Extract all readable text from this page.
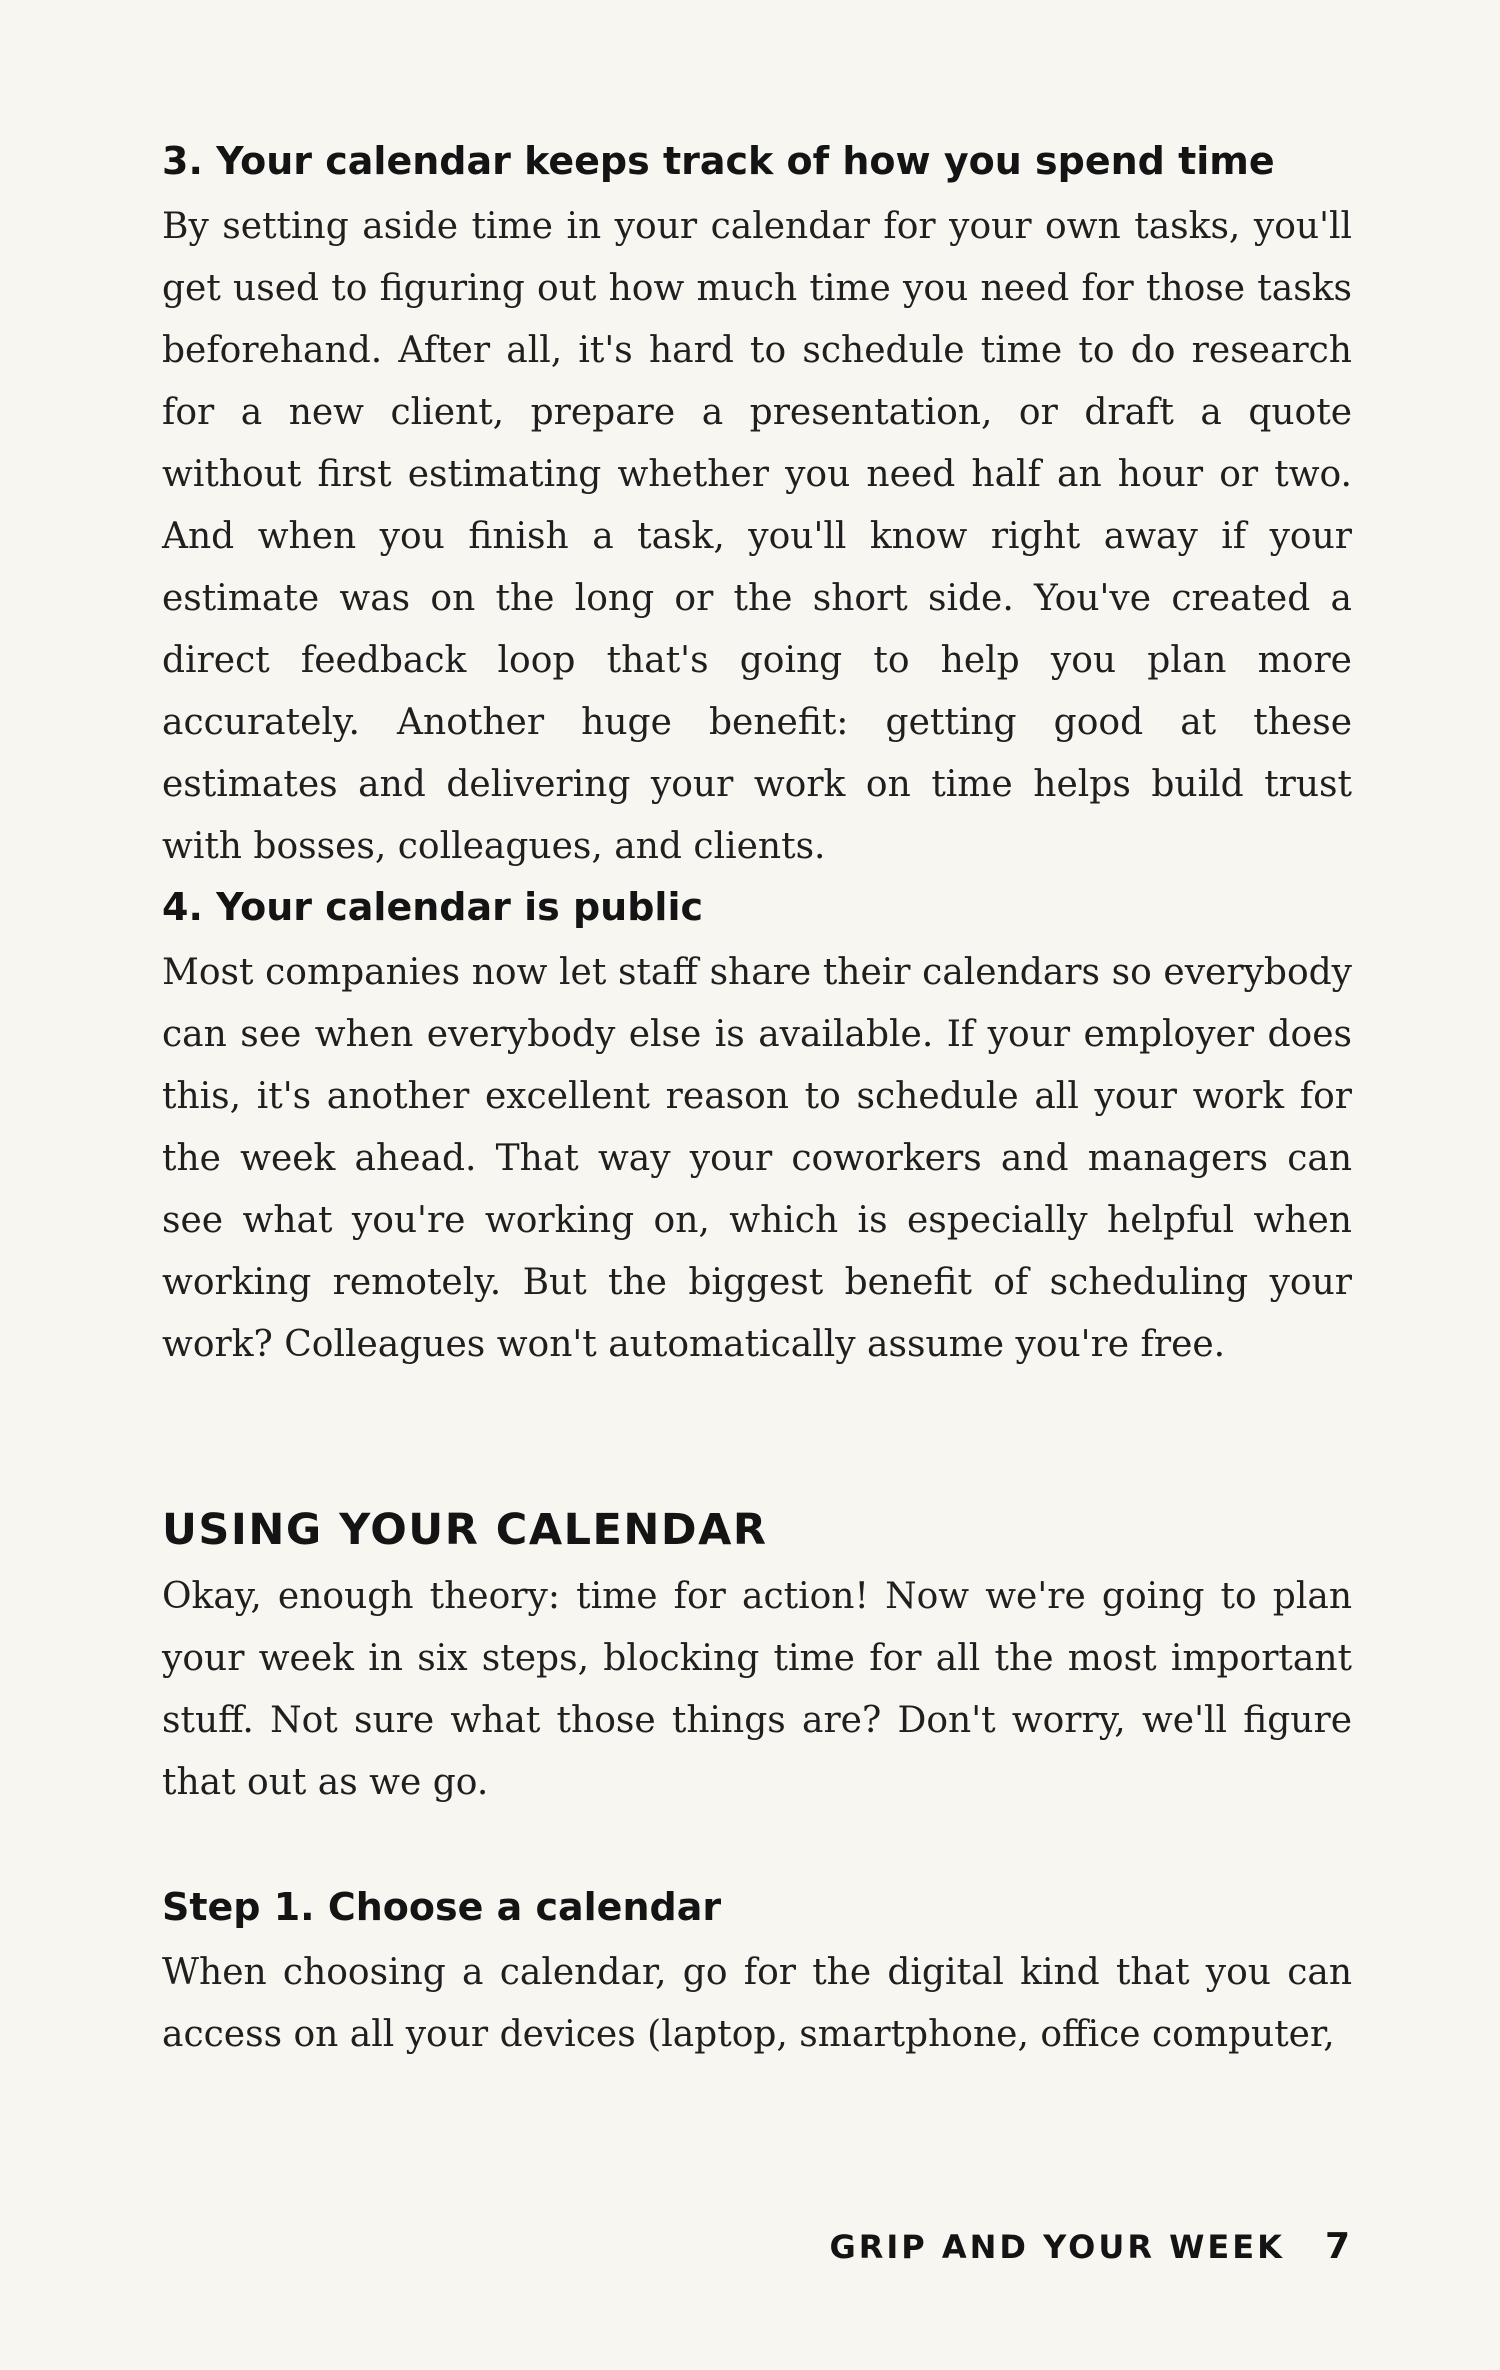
3. Your calendar keeps track of how you spend time

By setting aside time in your calendar for your own tasks, you'll get used to figuring out how much time you need for those tasks beforehand. After all, it's hard to schedule time to do research for a new client, prepare a presentation, or draft a quote without first estimating whether you need half an hour or two. And when you finish a task, you'll know right away if your estimate was on the long or the short side. You've created a direct feedback loop that's going to help you plan more accurately. Another huge benefit: getting good at these estimates and delivering your work on time helps build trust with bosses, colleagues, and clients.

4. Your calendar is public

Most companies now let staff share their calendars so everybody can see when everybody else is available. If your employer does this, it's another excellent reason to schedule all your work for the week ahead. That way your coworkers and managers can see what you're working on, which is especially helpful when working remotely. But the biggest benefit of scheduling your work? Colleagues won't automatically assume you're free.

USING YOUR CALENDAR

Okay, enough theory: time for action! Now we're going to plan your week in six steps, blocking time for all the most important stuff. Not sure what those things are? Don't worry, we'll figure that out as we go.

Step 1. Choose a calendar

When choosing a calendar, go for the digital kind that you can access on all your devices (laptop, smartphone, office computer,

GRIP AND YOUR WEEK 7
